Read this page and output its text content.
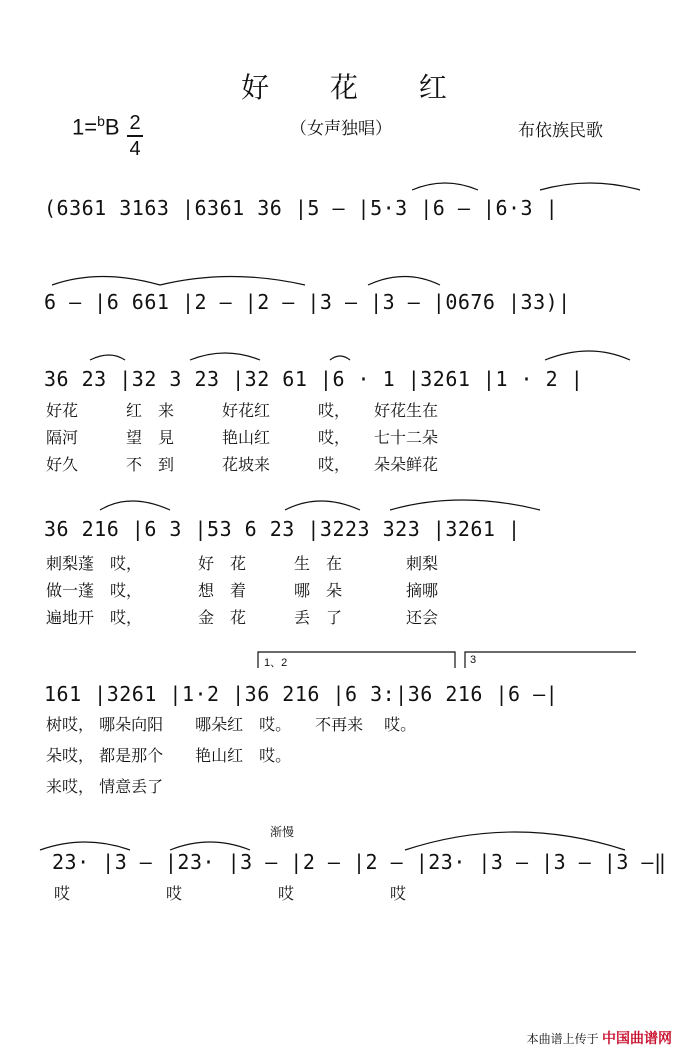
好 花 红
1=$^b$B 2
4
（女声独唱）	布依族民歌
(6361 3163 |6361 36 |5 — |5·3 |6 — |6·3 |
6 — |6 661 |2 — |2 — |3 — |3 — |0676 |33)|
36 23 |32 3 23 |32 61 |6 · 1 |3261 |1 · 2 |
好花　　　红　来　　　好花红　　　哎，　　好花生在
隔河　　　望　見　　　艳山红　　　哎，　　七十二朵
好久　　　不　到　　　花坡来　　　哎，　　朵朵鲜花
36 216 |6 3 |53 6 23 |3223 323 |3261 |
刺梨蓬　哎，　　　　好　花　　　生　在　　　　刺梨
做一蓬　哎，　　　　想　着　　　哪　朵　　　　摘哪
遍地开　哎，　　　　金　花　　　丢　了　　　　还会
1、2	3
161 |3261 |1·2 |36 216 |6 3:|36 216 |6 —|
树哎， 哪朵向阳　　哪朵红　哎。　　不再来　 哎。
朵哎， 都是那个　　艳山红　哎。
来哎， 情意丢了
渐慢
23· |3 — |23· |3 — |2 — |2 — |23· |3 — |3 — |3 —‖
哎　　　　　　哎　　　　　　哎　　　　　　哎
本曲谱上传于 中国曲谱网
